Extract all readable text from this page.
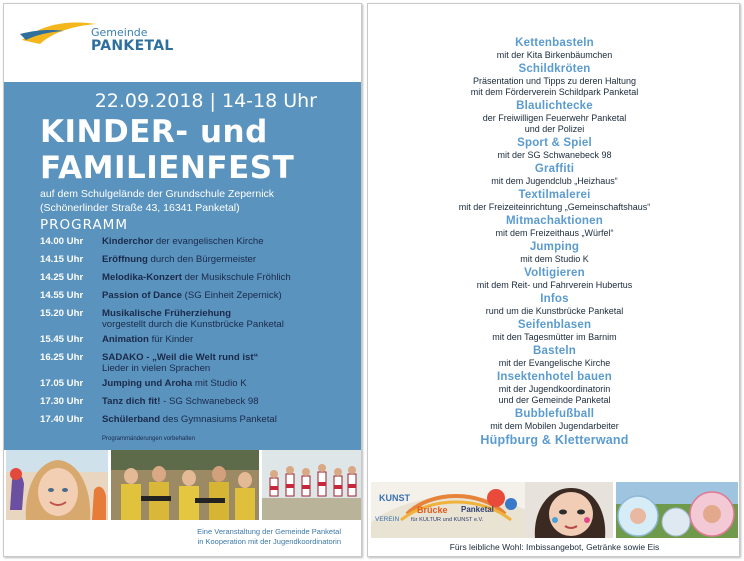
Gemeinde
PANKETAL
22.09.2018 | 14-18 Uhr
KINDER- und
FAMILIENFEST
auf dem Schulgelände der Grundschule Zepernick
(Schönerlinder Straße 43, 16341 Panketal)
PROGRAMM
14.00 Uhr	Kinderchor der evangelischen Kirche
14.15 Uhr	Eröffnung durch den Bürgermeister
14.25 Uhr	Melodika-Konzert der Musikschule Fröhlich
14.55 Uhr	Passion of Dance (SG Einheit Zepernick)
15.20 Uhr	Musikalische Früherziehung
vorgestellt durch die Kunstbrücke Panketal
15.45 Uhr	Animation für Kinder
16.25 Uhr	SADAKO - „Weil die Welt rund ist“
Lieder in vielen Sprachen
17.05 Uhr	Jumping und Aroha mit Studio K
17.30 Uhr	Tanz dich fit! - SG Schwanebeck 98
17.40 Uhr	Schülerband des Gymnasiums Panketal
Programmänderungen vorbehalten
Eine Veranstaltung der Gemeinde Panketal
in Kooperation mit der Jugendkoordinatorin
Kettenbasteln
mit der Kita Birkenbäumchen
Schildkröten
Präsentation und Tipps zu deren Haltung
mit dem Förderverein Schildpark Panketal
Blaulichtecke
der Freiwilligen Feuerwehr Panketal
und der Polizei
Sport & Spiel
mit der SG Schwanebeck 98
Graffiti
mit dem Jugendclub „Heizhaus“
Textilmalerei
mit der Freizeiteinrichtung „Gemeinschaftshaus“
Mitmachaktionen
mit dem Freizeithaus „Würfel“
Jumping
mit dem Studio K
Voltigieren
mit dem Reit- und Fahrverein Hubertus
Infos
rund um die Kunstbrücke Panketal
Seifenblasen
mit den Tagesmütter im Barnim
Basteln
mit der Evangelische Kirche
Insektenhotel bauen
mit der Jugendkoordinatorin
und der Gemeinde Panketal
Bubblefußball
mit dem Mobilen Jugendarbeiter
Hüpfburg & Kletterwand
KUNST
VEREIN
Brücke Panketal
für KULTUR und KUNST e.V.
Fürs leibliche Wohl: Imbissangebot, Getränke sowie Eis
